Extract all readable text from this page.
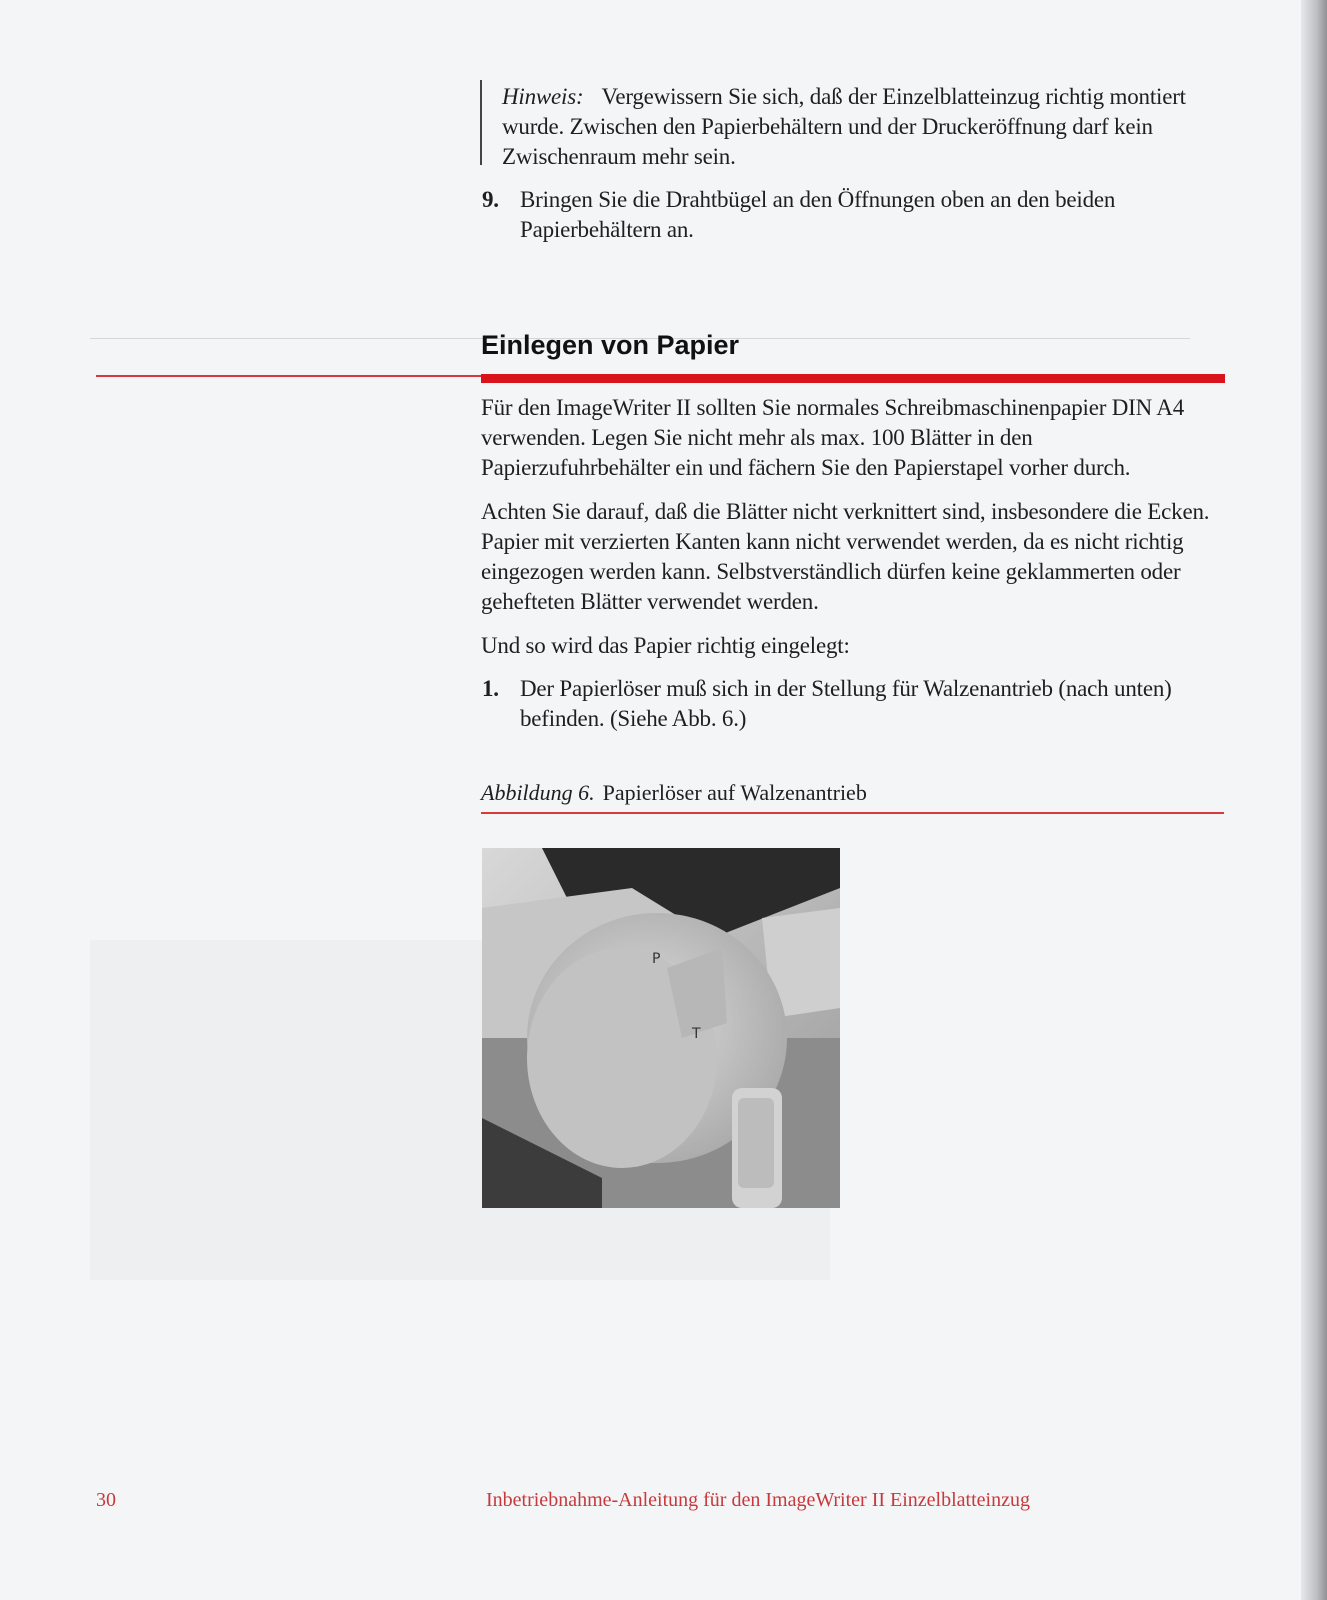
Hinweis: Vergewissern Sie sich, daß der Einzelblatteinzug richtig montiert wurde. Zwischen den Papierbehältern und der Druckeröffnung darf kein Zwischenraum mehr sein.

9. Bringen Sie die Drahtbügel an den Öffnungen oben an den beiden Papierbehältern an.
Einlegen von Papier

Für den ImageWriter II sollten Sie normales Schreibmaschinenpapier DIN A4 verwenden. Legen Sie nicht mehr als max. 100 Blätter in den Papierzufuhrbehälter ein und fächern Sie den Papierstapel vorher durch.

Achten Sie darauf, daß die Blätter nicht verknittert sind, insbesondere die Ecken. Papier mit verzierten Kanten kann nicht verwendet werden, da es nicht richtig eingezogen werden kann. Selbstverständlich dürfen keine geklammerten oder gehefteten Blätter verwendet werden.

Und so wird das Papier richtig eingelegt:

1. Der Papierlöser muß sich in der Stellung für Walzenantrieb (nach unten) befinden. (Siehe Abb. 6.)
Abbildung 6. Papierlöser auf Walzenantrieb
P
T
30	Inbetriebnahme-Anleitung für den ImageWriter II Einzelblatteinzug
